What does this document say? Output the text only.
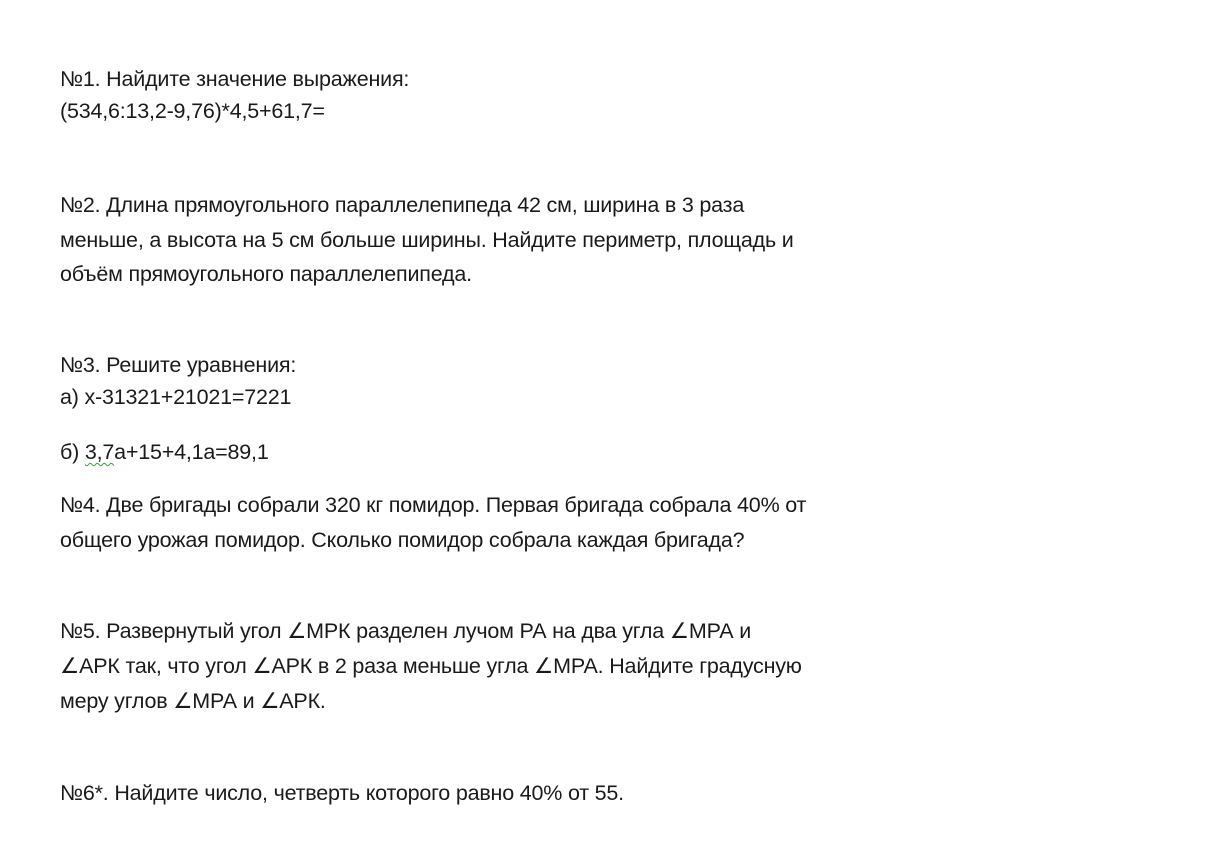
№1. Найдите значение выражения:
(534,6:13,2-9,76)*4,5+61,7=
№2. Длина прямоугольного параллелепипеда 42 см, ширина в 3 раза
меньше, а высота на 5 см больше ширины. Найдите периметр, площадь и
объём прямоугольного параллелепипеда.
№3. Решите уравнения:
а) х-31321+21021=7221
б) 3,7a+15+4,1a=89,1
№4. Две бригады собрали 320 кг помидор. Первая бригада собрала 40% от
общего урожая помидор. Сколько помидор собрала каждая бригада?
№5. Развернутый угол ∠МРК разделен лучом РА на два угла ∠МРА и
∠АРК так, что угол ∠АРК в 2 раза меньше угла ∠МРА. Найдите градусную
меру углов ∠МРА и ∠АРК.
№6*. Найдите число, четверть которого равно 40% от 55.
